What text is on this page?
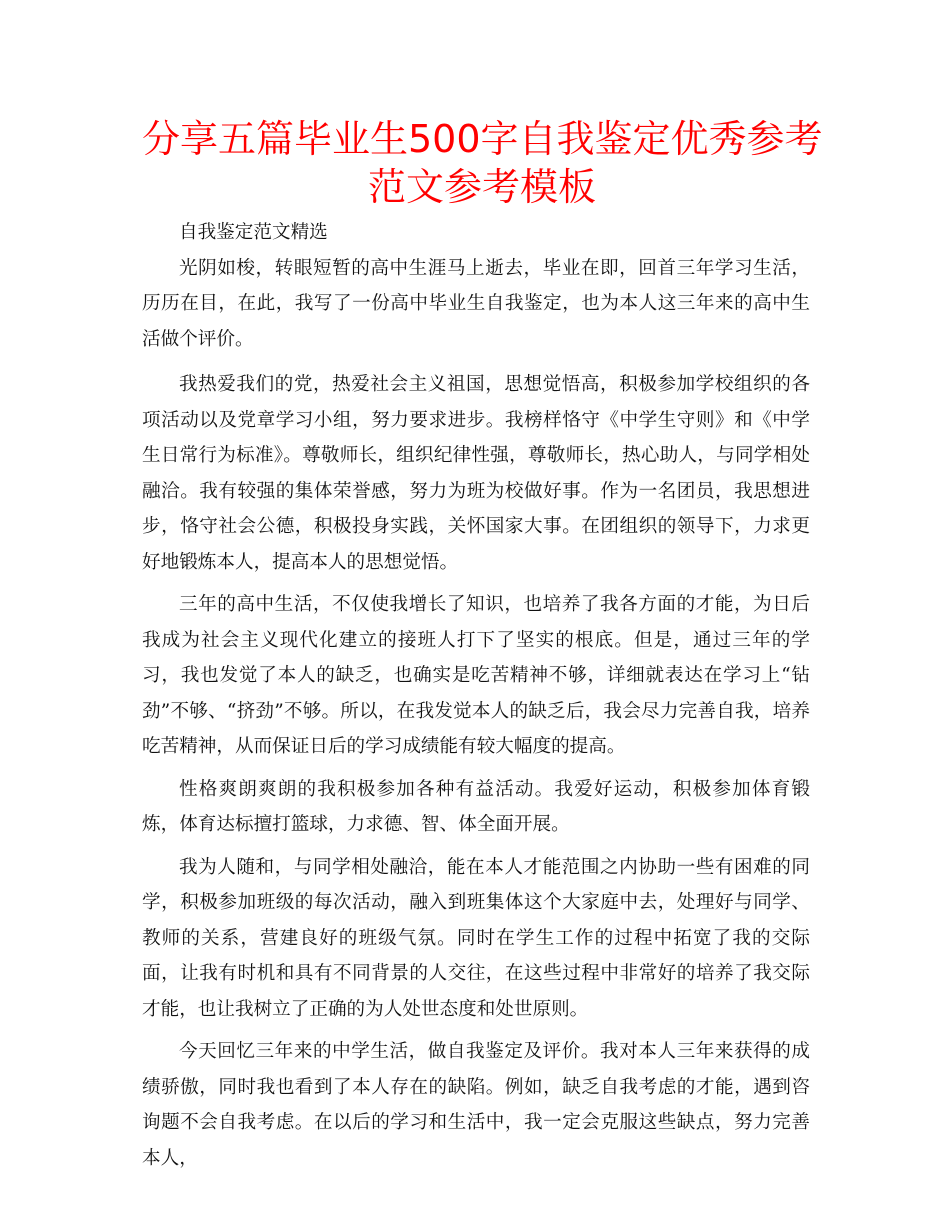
分享五篇毕业生500字自我鉴定优秀参考
范文参考模板

自我鉴定范文精选

光阴如梭，转眼短暂的高中生涯马上逝去，毕业在即，回首三年学习生活，历历在目，在此，我写了一份高中毕业生自我鉴定，也为本人这三年来的高中生活做个评价。

我热爱我们的党，热爱社会主义祖国，思想觉悟高，积极参加学校组织的各项活动以及党章学习小组，努力要求进步。我榜样恪守《中学生守则》和《中学生日常行为标准》。尊敬师长，组织纪律性强，尊敬师长，热心助人，与同学相处融洽。我有较强的集体荣誉感，努力为班为校做好事。作为一名团员，我思想进步，恪守社会公德，积极投身实践，关怀国家大事。在团组织的领导下，力求更好地锻炼本人，提高本人的思想觉悟。

三年的高中生活，不仅使我增长了知识，也培养了我各方面的才能，为日后我成为社会主义现代化建立的接班人打下了坚实的根底。但是，通过三年的学习，我也发觉了本人的缺乏，也确实是吃苦精神不够，详细就表达在学习上“钻劲”不够、“挤劲”不够。所以，在我发觉本人的缺乏后，我会尽力完善自我，培养吃苦精神，从而保证日后的学习成绩能有较大幅度的提高。

性格爽朗爽朗的我积极参加各种有益活动。我爱好运动，积极参加体育锻炼，体育达标擅打篮球，力求德、智、体全面开展。

我为人随和，与同学相处融洽，能在本人才能范围之内协助一些有困难的同学，积极参加班级的每次活动，融入到班集体这个大家庭中去，处理好与同学、教师的关系，营建良好的班级气氛。同时在学生工作的过程中拓宽了我的交际面，让我有时机和具有不同背景的人交往，在这些过程中非常好的培养了我交际才能，也让我树立了正确的为人处世态度和处世原则。

今天回忆三年来的中学生活，做自我鉴定及评价。我对本人三年来获得的成绩骄傲，同时我也看到了本人存在的缺陷。例如，缺乏自我考虑的才能，遇到咨询题不会自我考虑。在以后的学习和生活中，我一定会克服这些缺点，努力完善本人，
